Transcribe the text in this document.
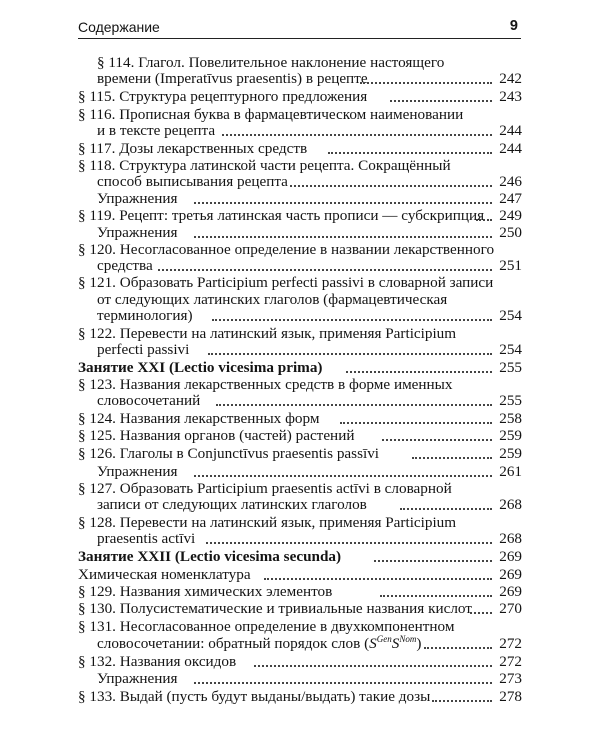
Содержание	9
§ 114. Глагол. Повелительное наклонение настоящего
времени (Imperatīvus praesentis) в рецепте	242
§ 115. Структура рецептурного предложения	243
§ 116. Прописная буква в фармацевтическом наименовании
и в тексте рецепта	244
§ 117. Дозы лекарственных средств	244
§ 118. Структура латинской части рецепта. Сокращённый
способ выписывания рецепта	246
Упражнения	247
§ 119. Рецепт: третья латинская часть прописи — субскрипция 249
Упражнения	250
§ 120. Несогласованное определение в названии лекарственного
средства	251
§ 121. Образовать Participium perfecti passivi в словарной записи
от следующих латинских глаголов (фармацевтическая
терминология)	254
§ 122. Перевести на латинский язык, применяя Participium
perfecti passivi	254
Занятие XXI (Lectio vicesima prima)	255
§ 123. Названия лекарственных средств в форме именных
словосочетаний	255
§ 124. Названия лекарственных форм	258
§ 125. Названия органов (частей) растений	259
§ 126. Глаголы в Conjunctīvus praesentis passīvi	259
Упражнения	261
§ 127. Образовать Participium praesentis actīvi в словарной
записи от следующих латинских глаголов	268
§ 128. Перевести на латинский язык, применяя Participium
praesentis actīvi	268
Занятие XXII (Lectio vicesima secunda)	269
Химическая номенклатура	269
§ 129. Названия химических элементов	269
§ 130. Полусистематические и тривиальные названия кислот 270
§ 131. Несогласованное определение в двухкомпонентном
словосочетании: обратный порядок слов $(S^{Gen}S^{Nom})$	272
§ 132. Названия оксидов	272
Упражнения	273
§ 133. Выдай (пусть будут выданы/выдать) такие дозы	278
